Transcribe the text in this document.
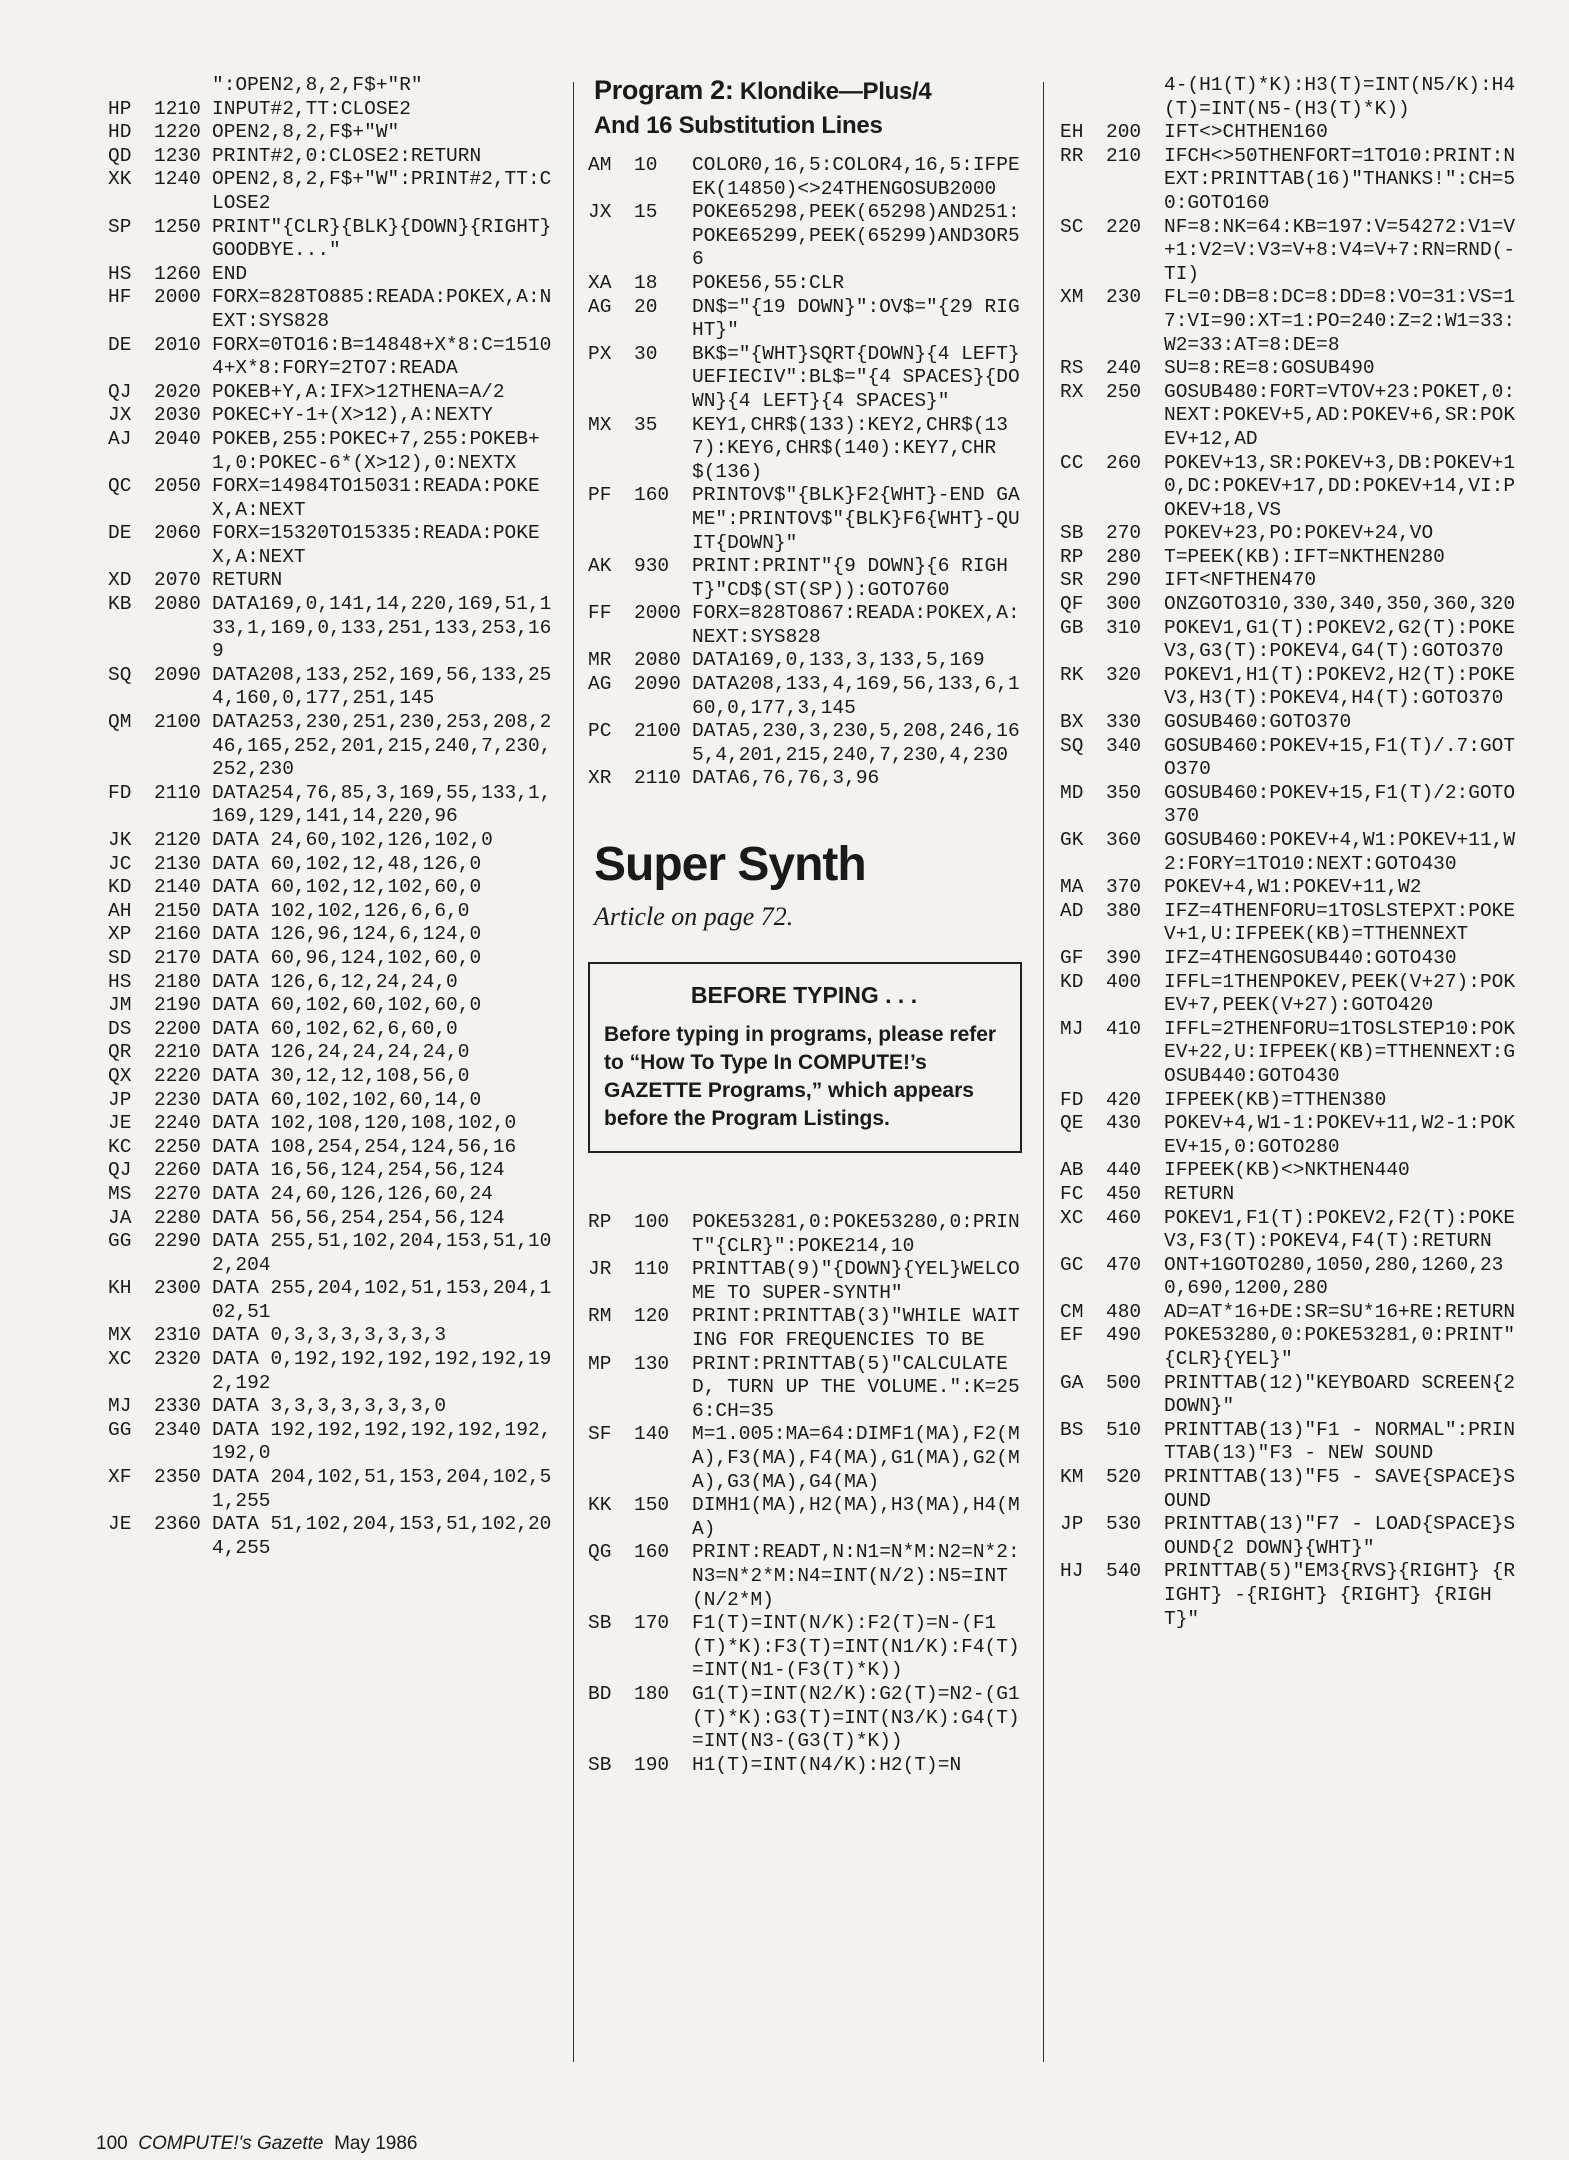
":OPEN2,8,2,F$+"R"
HP	1210 INPUT#2,TT:CLOSE2
HD	1220 OPEN2,8,2,F$+"W"
QD	1230 PRINT#2,0:CLOSE2:RETURN
XK	1240 OPEN2,8,2,F$+"W":PRINT#2,TT:CLOSE2
SP	1250 PRINT"{CLR}{BLK}{DOWN}{RIGHT}GOODBYE..."
HS	1260 END
HF	2000 FORX=828TO885:READA:POKEX,A:NEXT:SYS828
DE	2010 FORX=0TO16:B=14848+X*8:C=15104+X*8:FORY=2TO7:READA
QJ	2020 POKEB+Y,A:IFX>12THENA=A/2
JX	2030 POKEC+Y-1+(X>12),A:NEXTY
AJ	2040 POKEB,255:POKEC+7,255:POKEB+1,0:POKEC-6*(X>12),0:NEXTX
QC	2050 FORX=14984TO15031:READA:POKEX,A:NEXT
DE	2060 FORX=15320TO15335:READA:POKEX,A:NEXT
XD	2070 RETURN
KB	2080 DATA169,0,141,14,220,169,51,133,1,169,0,133,251,133,253,169
SQ	2090 DATA208,133,252,169,56,133,254,160,0,177,251,145
QM	2100 DATA253,230,251,230,253,208,246,165,252,201,215,240,7,230,252,230
FD	2110 DATA254,76,85,3,169,55,133,1,169,129,141,14,220,96
JK	2120 DATA 24,60,102,126,102,0
JC	2130 DATA 60,102,12,48,126,0
KD	2140 DATA 60,102,12,102,60,0
AH	2150 DATA 102,102,126,6,6,0
XP	2160 DATA 126,96,124,6,124,0
SD	2170 DATA 60,96,124,102,60,0
HS	2180 DATA 126,6,12,24,24,0
JM	2190 DATA 60,102,60,102,60,0
DS	2200 DATA 60,102,62,6,60,0
QR	2210 DATA 126,24,24,24,24,0
QX	2220 DATA 30,12,12,108,56,0
JP	2230 DATA 60,102,102,60,14,0
JE	2240 DATA 102,108,120,108,102,0
KC	2250 DATA 108,254,254,124,56,16
QJ	2260 DATA 16,56,124,254,56,124
MS	2270 DATA 24,60,126,126,60,24
JA	2280 DATA 56,56,254,254,56,124
GG	2290 DATA 255,51,102,204,153,51,102,204
KH	2300 DATA 255,204,102,51,153,204,102,51
MX	2310 DATA 0,3,3,3,3,3,3,3
XC	2320 DATA 0,192,192,192,192,192,192,192
MJ	2330 DATA 3,3,3,3,3,3,3,0
GG	2340 DATA 192,192,192,192,192,192,192,0
XF	2350 DATA 204,102,51,153,204,102,51,255
JE	2360 DATA 51,102,204,153,51,102,204,255
Program 2: Klondike—Plus/4
And 16 Substitution Lines
AM	10	COLOR0,16,5:COLOR4,16,5:IFPEEK(14850)<>24THENGOSUB2000
JX	15	POKE65298,PEEK(65298)AND251:POKE65299,PEEK(65299)AND3OR56
XA	18	POKE56,55:CLR
AG	20	DN$="{19 DOWN}":OV$="{29 RIGHT}"
PX	30	BK$="{WHT}SQRT{DOWN}{4 LEFT}UEFIECIV":BL$="{4 SPACES}{DOWN}{4 LEFT}{4 SPACES}"
MX	35	KEY1,CHR$(133):KEY2,CHR$(137):KEY6,CHR$(140):KEY7,CHR$(136)
PF	160	PRINTOV$"{BLK}F2{WHT}-END GAME":PRINTOV$"{BLK}F6{WHT}-QUIT{DOWN}"
AK	930	PRINT:PRINT"{9 DOWN}{6 RIGHT}"CD$(ST(SP)):GOTO760
FF	2000 FORX=828TO867:READA:POKEX,A:NEXT:SYS828
MR	2080 DATA169,0,133,3,133,5,169
AG	2090 DATA208,133,4,169,56,133,6,160,0,177,3,145
PC	2100 DATA5,230,3,230,5,208,246,165,4,201,215,240,7,230,4,230
XR	2110 DATA6,76,76,3,96
Super Synth
Article on page 72.
BEFORE TYPING . . .

Before typing in programs, please refer to “How To Type In COMPUTE!’s GAZETTE Programs,” which appears before the Program Listings.

RP	100	POKE53281,0:POKE53280,0:PRINT"{CLR}":POKE214,10
JR	110	PRINTTAB(9)"{DOWN}{YEL}WELCOME TO SUPER-SYNTH"
RM	120	PRINT:PRINTTAB(3)"WHILE WAITING FOR FREQUENCIES TO BE
MP	130	PRINT:PRINTTAB(5)"CALCULATED, TURN UP THE VOLUME.":K=256:CH=35
SF	140	M=1.005:MA=64:DIMF1(MA),F2(MA),F3(MA),F4(MA),G1(MA),G2(MA),G3(MA),G4(MA)
KK	150	DIMH1(MA),H2(MA),H3(MA),H4(MA)
QG	160	PRINT:READT,N:N1=N*M:N2=N*2:N3=N*2*M:N4=INT(N/2):N5=INT(N/2*M)
SB	170	F1(T)=INT(N/K):F2(T)=N-(F1(T)*K):F3(T)=INT(N1/K):F4(T)=INT(N1-(F3(T)*K))
BD	180	G1(T)=INT(N2/K):G2(T)=N2-(G1(T)*K):G3(T)=INT(N3/K):G4(T)=INT(N3-(G3(T)*K))
SB	190	H1(T)=INT(N4/K):H2(T)=N
4-(H1(T)*K):H3(T)=INT(N5/K):H4(T)=INT(N5-(H3(T)*K))
EH	200	IFT<>CHTHEN160
RR	210	IFCH<>50THENFORT=1TO10:PRINT:NEXT:PRINTTAB(16)"THANKS!":CH=50:GOTO160
SC	220	NF=8:NK=64:KB=197:V=54272:V1=V+1:V2=V:V3=V+8:V4=V+7:RN=RND(-TI)
XM	230	FL=0:DB=8:DC=8:DD=8:VO=31:VS=17:VI=90:XT=1:PO=240:Z=2:W1=33:W2=33:AT=8:DE=8
RS	240	SU=8:RE=8:GOSUB490
RX	250	GOSUB480:FORT=VTOV+23:POKET,0:NEXT:POKEV+5,AD:POKEV+6,SR:POKEV+12,AD
CC	260	POKEV+13,SR:POKEV+3,DB:POKEV+10,DC:POKEV+17,DD:POKEV+14,VI:POKEV+18,VS
SB	270	POKEV+23,PO:POKEV+24,VO
RP	280	T=PEEK(KB):IFT=NKTHEN280
SR	290	IFT<NFTHEN470
QF	300	ONZGOTO310,330,340,350,360,320
GB	310	POKEV1,G1(T):POKEV2,G2(T):POKEV3,G3(T):POKEV4,G4(T):GOTO370
RK	320	POKEV1,H1(T):POKEV2,H2(T):POKEV3,H3(T):POKEV4,H4(T):GOTO370
BX	330	GOSUB460:GOTO370
SQ	340	GOSUB460:POKEV+15,F1(T)/.7:GOTO370
MD	350	GOSUB460:POKEV+15,F1(T)/2:GOTO370
GK	360	GOSUB460:POKEV+4,W1:POKEV+11,W2:FORY=1TO10:NEXT:GOTO430
MA	370	POKEV+4,W1:POKEV+11,W2
AD	380	IFZ=4THENFORU=1TOSLSTEPXT:POKEV+1,U:IFPEEK(KB)=TTHENNEXT
GF	390	IFZ=4THENGOSUB440:GOTO430
KD	400	IFFL=1THENPOKEV,PEEK(V+27):POKEV+7,PEEK(V+27):GOTO420
MJ	410	IFFL=2THENFORU=1TOSLSTEP10:POKEV+22,U:IFPEEK(KB)=TTHENNEXT:GOSUB440:GOTO430
FD	420	IFPEEK(KB)=TTHEN380
QE	430	POKEV+4,W1-1:POKEV+11,W2-1:POKEV+15,0:GOTO280
AB	440	IFPEEK(KB)<>NKTHEN440
FC	450	RETURN
XC	460	POKEV1,F1(T):POKEV2,F2(T):POKEV3,F3(T):POKEV4,F4(T):RETURN
GC	470	ONT+1GOTO280,1050,280,1260,230,690,1200,280
CM	480	AD=AT*16+DE:SR=SU*16+RE:RETURN
EF	490	POKE53280,0:POKE53281,0:PRINT"{CLR}{YEL}"
GA	500	PRINTTAB(12)"KEYBOARD SCREEN{2 DOWN}"
BS	510	PRINTTAB(13)"F1 - NORMAL":PRINTTAB(13)"F3 - NEW SOUND
KM	520	PRINTTAB(13)"F5 - SAVE{SPACE}SOUND
JP	530	PRINTTAB(13)"F7 - LOAD{SPACE}SOUND{2 DOWN}{WHT}"
HJ	540	PRINTTAB(5)"EM3{RVS}{RIGHT} {RIGHT} -{RIGHT} {RIGHT} {RIGHT}"
100 COMPUTE!'s Gazette May 1986
